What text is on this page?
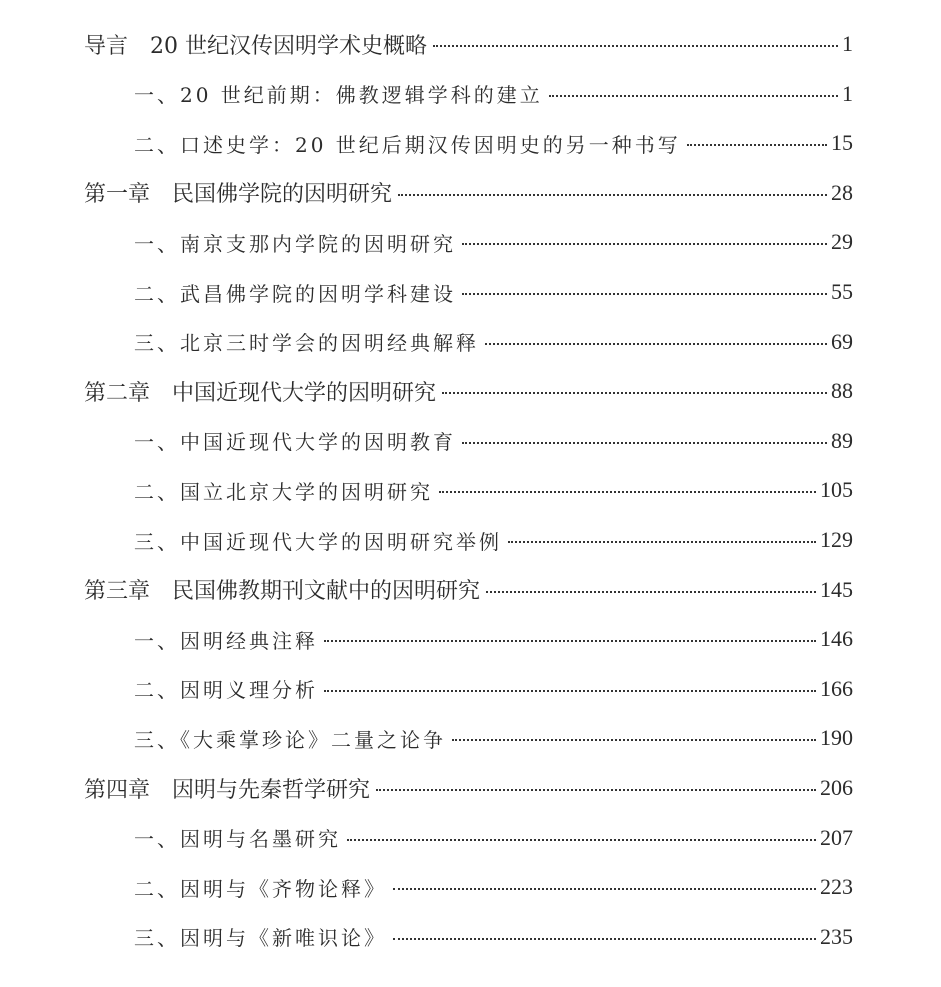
导言 20 世纪汉传因明学术史概略	1
一、20 世纪前期：佛教逻辑学科的建立	1
二、口述史学：20 世纪后期汉传因明史的另一种书写	15
第一章 民国佛学院的因明研究	28
一、南京支那内学院的因明研究	29
二、武昌佛学院的因明学科建设	55
三、北京三时学会的因明经典解释	69
第二章 中国近现代大学的因明研究	88
一、中国近现代大学的因明教育	89
二、国立北京大学的因明研究	105
三、中国近现代大学的因明研究举例	129
第三章 民国佛教期刊文献中的因明研究	145
一、因明经典注释	146
二、因明义理分析	166
三、《大乘掌珍论》二量之论争	190
第四章 因明与先秦哲学研究	206
一、因明与名墨研究	207
二、因明与《齐物论释》	223
三、因明与《新唯识论》	235
